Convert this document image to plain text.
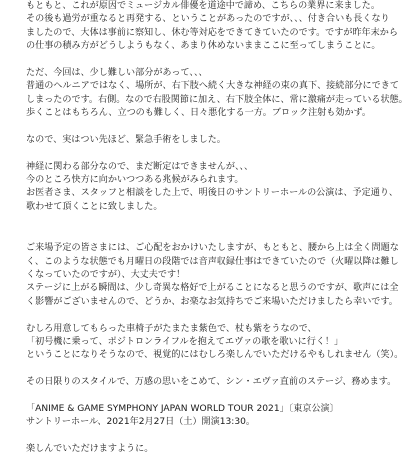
もともと、これが原因でミュージカル俳優を道途中で諦め、こちらの業界に来ました。
その後も過労が重なると再発する、ということがあったのですが、、、付き合いも長くなり
ましたので、大体は事前に察知し、休む等対応をできてきていたのです。ですが昨年末から
の仕事の積み方がどうしようもなく、あまり休めないままここに至ってしまうことに。
ただ、今回は、少し難しい部分があって、、、
普通のヘルニアではなく、場所が、右下肢へ続く大きな神経の束の真下、接続部分にできて
しまったのです。右側。なので右股関節に加え、右下肢全体に、常に激痛が走っている状態。
歩くことはもちろん、立つのも難しく、日々悪化する一方。ブロック注射も効かず。
なので、実はつい先ほど、緊急手術をしました。
神経に関わる部分なので、まだ断定はできませんが、、、
今のところ快方に向かいつつある兆候がみられます。
お医者さま、スタッフと相談をした上で、明後日のサントリーホールの公演は、予定通り、
歌わせて頂くことに致しました。
ご来場予定の皆さまには、ご心配をおかけいたしますが、もともと、腰から上は全く問題な
く、このような状態でも月曜日の段階では音声収録仕事はできていたので（火曜以降は難し
くなっていたのですが）、大丈夫です！
ステージに上がる瞬間は、少し奇異な格好で上がることになると思うのですが、歌声には全
く影響がございませんので、どうか、お楽なお気持ちでご来場いただけましたら幸いです。
むしろ用意してもらった車椅子がたまたま紫色で、杖も紫をうなので、
「初号機に乗って、ポジトロンライフルを抱えてエヴァの歌を歌いに行く！」
ということになりそうなので、視覚的にはむしろ楽しんでいただけるやもしれません（笑）。
その日限りのスタイルで、万感の思いをこめて、シン・エヴァ直前のステージ、務めます。
「ANIME & GAME SYMPHONY JAPAN WORLD TOUR 2021」〔東京公演〕
サントリーホール、2021年2月27日（土）開演13:30。
楽しんでいただけますように。
